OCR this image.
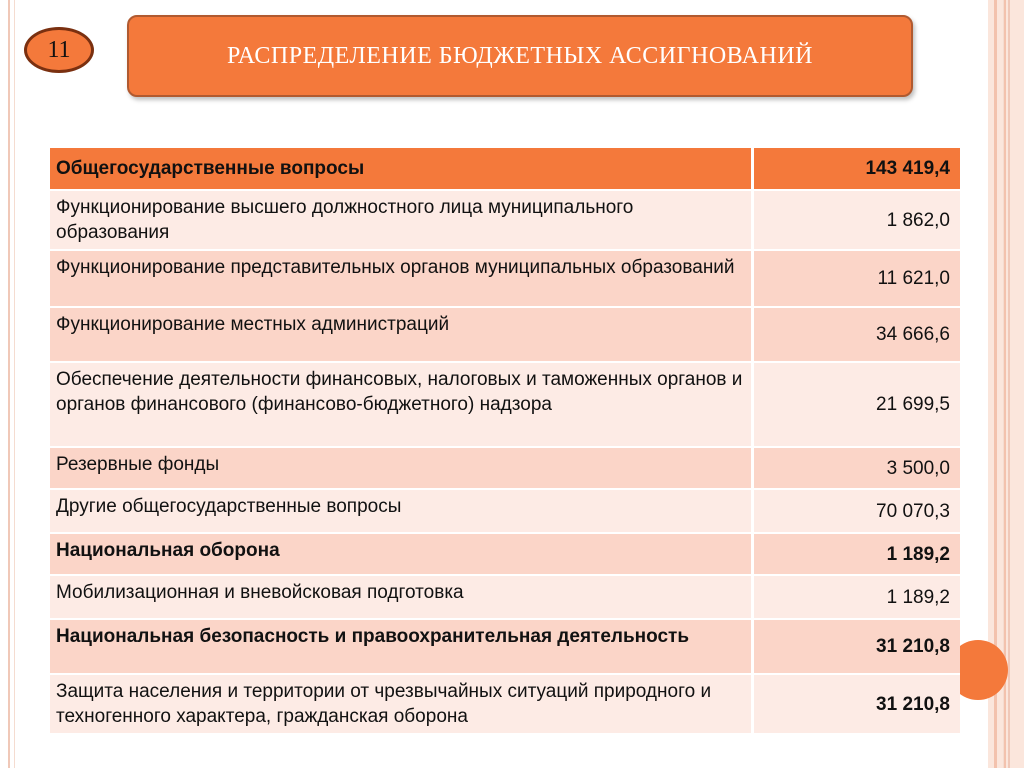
11	РАСПРЕДЕЛЕНИЕ БЮДЖЕТНЫХ АССИГНОВАНИЙ
Общегосударственные вопросы	143 419,4
Функционирование высшего должностного лица муниципального образования	1 862,0
Функционирование представительных органов муниципальных образований	11 621,0
Функционирование местных администраций	34 666,6
Обеспечение деятельности финансовых, налоговых и таможенных органов и органов финансового (финансово-бюджетного) надзора	21 699,5
Резервные фонды	3 500,0
Другие общегосударственные вопросы	70 070,3
Национальная оборона	1 189,2
Мобилизационная и вневойсковая подготовка	1 189,2
Национальная безопасность и правоохранительная деятельность	31 210,8
Защита населения и территории от чрезвычайных ситуаций природного и техногенного характера, гражданская оборона	31 210,8
